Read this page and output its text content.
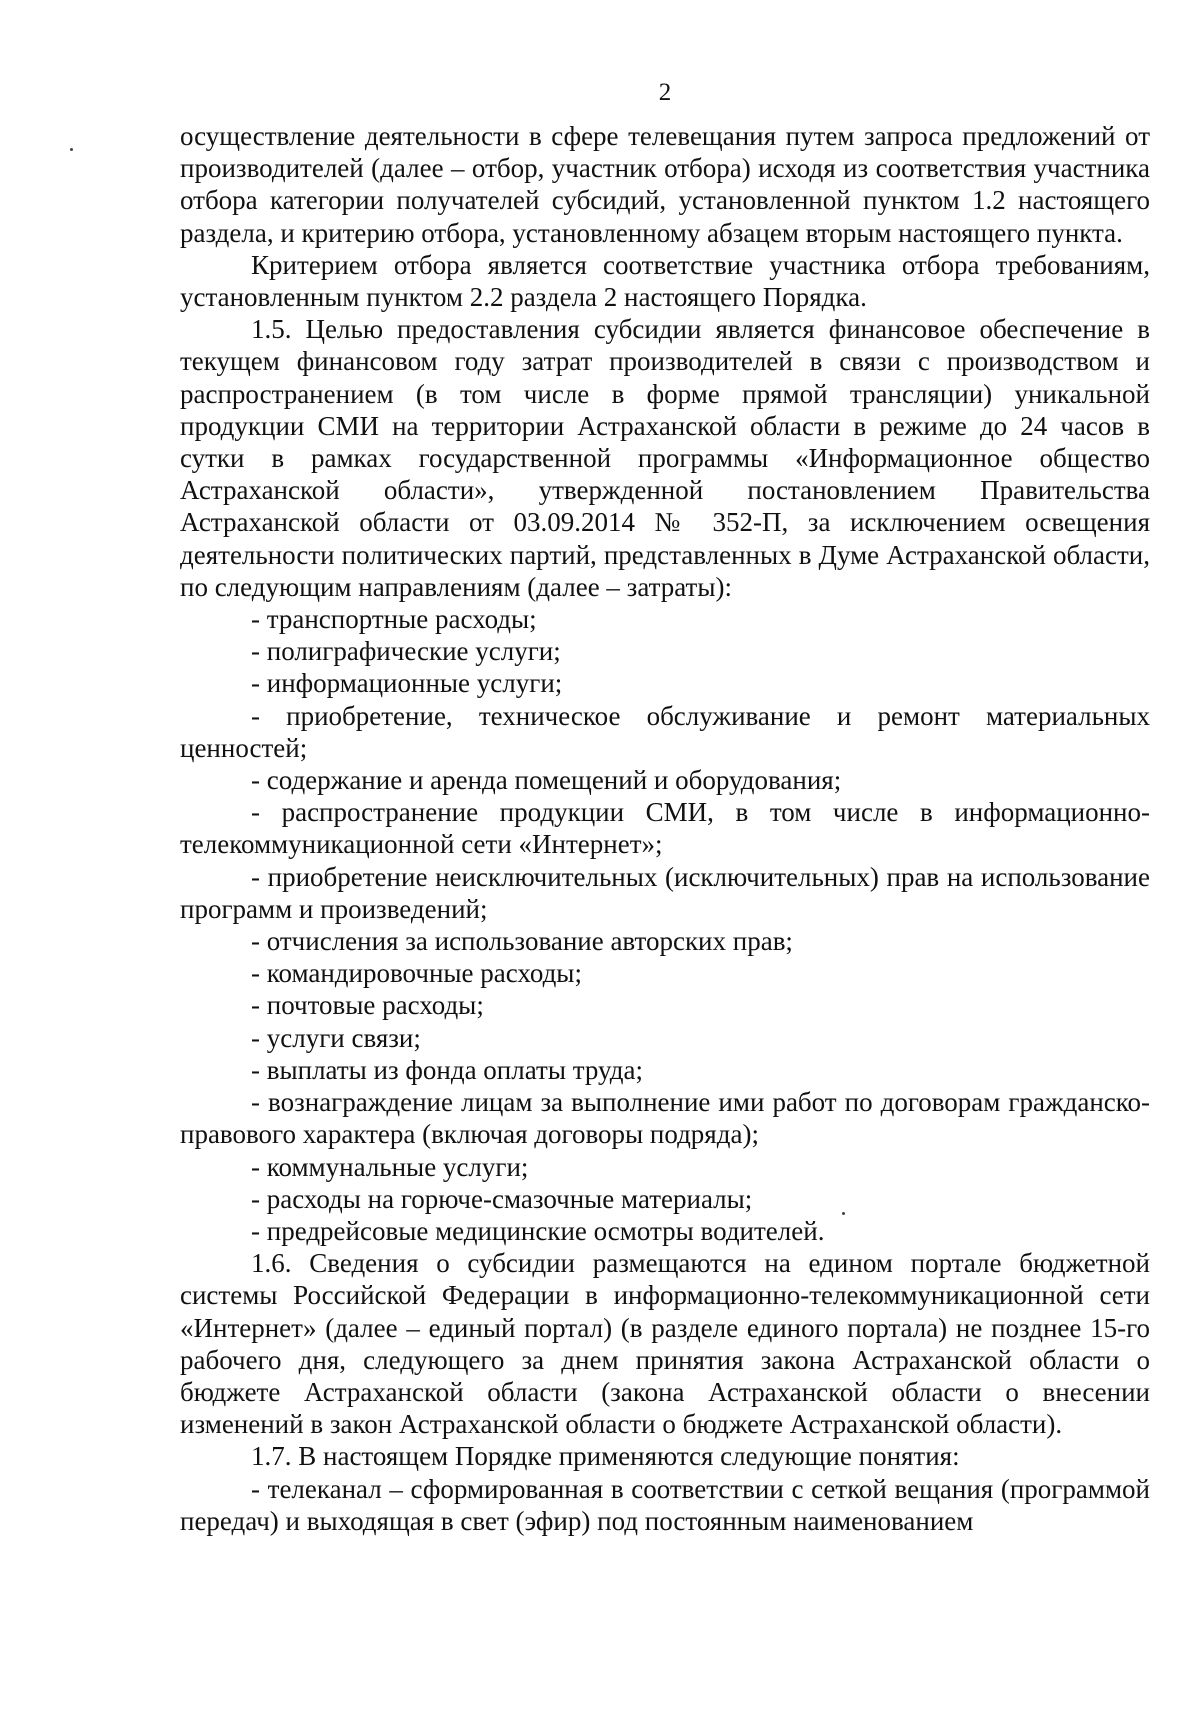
2

осуществление деятельности в сфере телевещания путем запроса предложений от производителей (далее – отбор, участник отбора) исходя из соответствия участника отбора категории получателей субсидий, установленной пунктом 1.2 настоящего раздела, и критерию отбора, установленному абзацем вторым настоящего пункта.

Критерием отбора является соответствие участника отбора требованиям, установленным пунктом 2.2 раздела 2 настоящего Порядка.

1.5. Целью предоставления субсидии является финансовое обеспечение в текущем финансовом году затрат производителей в связи с производством и распространением (в том числе в форме прямой трансляции) уникальной продукции СМИ на территории Астраханской области в режиме до 24 часов в сутки в рамках государственной программы «Информационное общество Астраханской области», утвержденной постановлением Правительства Астраханской области от 03.09.2014 № 352-П, за исключением освещения деятельности политических партий, представленных в Думе Астраханской области, по следующим направлениям (далее – затраты):

- транспортные расходы;

- полиграфические услуги;

- информационные услуги;

- приобретение, техническое обслуживание и ремонт материальных ценностей;

- содержание и аренда помещений и оборудования;

- распространение продукции СМИ, в том числе в информационно-телекоммуникационной сети «Интернет»;

- приобретение неисключительных (исключительных) прав на использование программ и произведений;

- отчисления за использование авторских прав;

- командировочные расходы;

- почтовые расходы;

- услуги связи;

- выплаты из фонда оплаты труда;

- вознаграждение лицам за выполнение ими работ по договорам гражданско-правового характера (включая договоры подряда);

- коммунальные услуги;

- расходы на горюче-смазочные материалы;

- предрейсовые медицинские осмотры водителей.

1.6. Сведения о субсидии размещаются на едином портале бюджетной системы Российской Федерации в информационно-телекоммуникационной сети «Интернет» (далее – единый портал) (в разделе единого портала) не позднее 15-го рабочего дня, следующего за днем принятия закона Астраханской области о бюджете Астраханской области (закона Астраханской области о внесении изменений в закон Астраханской области о бюджете Астраханской области).

1.7. В настоящем Порядке применяются следующие понятия:

- телеканал – сформированная в соответствии с сеткой вещания (программой передач) и выходящая в свет (эфир) под постоянным наименованием
